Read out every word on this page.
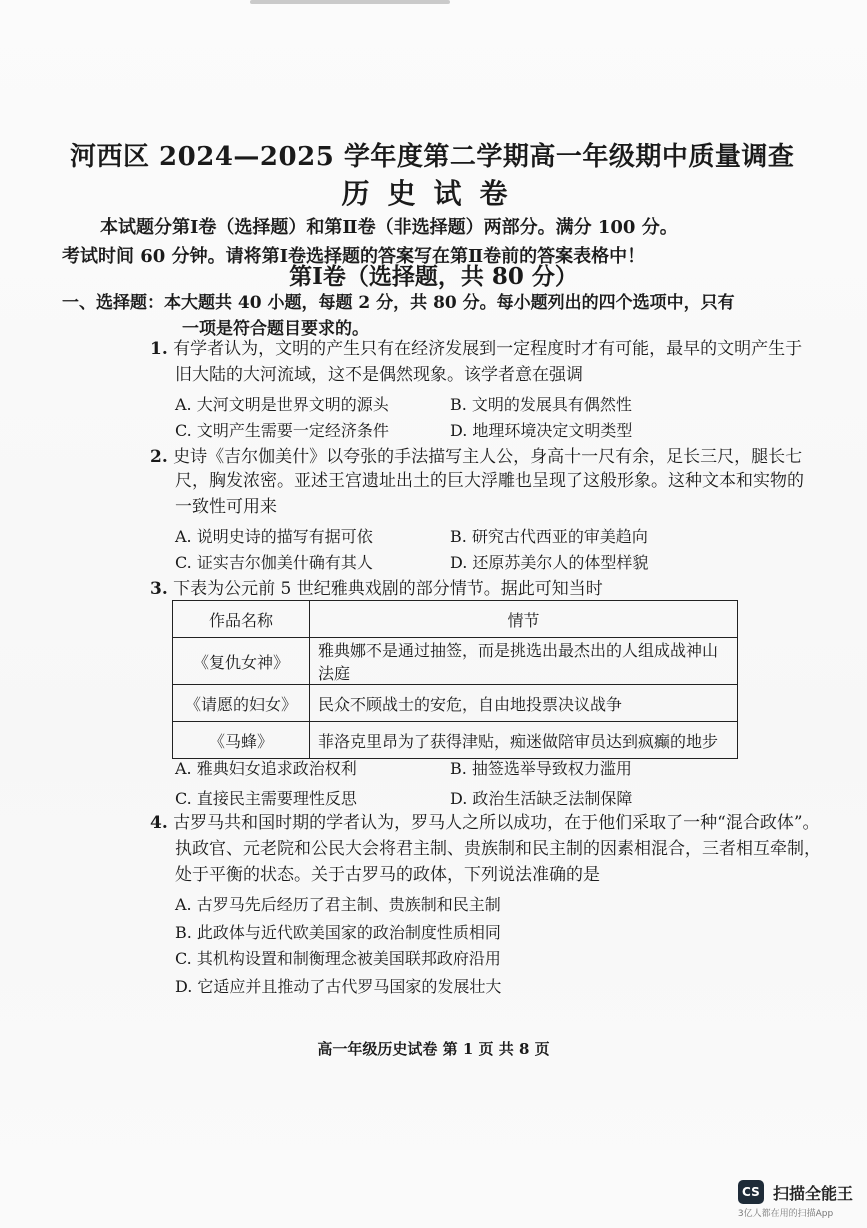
河西区 2024—2025 学年度第二学期高一年级期中质量调查
历史试卷
本试题分第Ⅰ卷（选择题）和第Ⅱ卷（非选择题）两部分。满分 100 分。
考试时间 60 分钟。请将第Ⅰ卷选择题的答案写在第Ⅱ卷前的答案表格中！
第Ⅰ卷（选择题，共 80 分）
一、选择题：本大题共 40 小题，每题 2 分，共 80 分。每小题列出的四个选项中，只有
一项是符合题目要求的。
1. 有学者认为，文明的产生只有在经济发展到一定程度时才有可能，最早的文明产生于
旧大陆的大河流域，这不是偶然现象。该学者意在强调
A. 大河文明是世界文明的源头	B. 文明的发展具有偶然性
C. 文明产生需要一定经济条件	D. 地理环境决定文明类型
2. 史诗《吉尔伽美什》以夸张的手法描写主人公，身高十一尺有余，足长三尺，腿长七
尺，胸发浓密。亚述王宫遗址出土的巨大浮雕也呈现了这般形象。这种文本和实物的
一致性可用来
A. 说明史诗的描写有据可依	B. 研究古代西亚的审美趋向
C. 证实吉尔伽美什确有其人	D. 还原苏美尔人的体型样貌
3. 下表为公元前 5 世纪雅典戏剧的部分情节。据此可知当时
作品名称	情节
《复仇女神》	雅典娜不是通过抽签，而是挑选出最杰出的人组成战神山法庭
《请愿的妇女》	民众不顾战士的安危，自由地投票决议战争
《马蜂》	菲洛克里昂为了获得津贴，痴迷做陪审员达到疯癫的地步
A. 雅典妇女追求政治权利	B. 抽签选举导致权力滥用
C. 直接民主需要理性反思	D. 政治生活缺乏法制保障
4. 古罗马共和国时期的学者认为，罗马人之所以成功，在于他们采取了一种“混合政体”。
执政官、元老院和公民大会将君主制、贵族制和民主制的因素相混合，三者相互牵制，
处于平衡的状态。关于古罗马的政体，下列说法准确的是
A. 古罗马先后经历了君主制、贵族制和民主制
B. 此政体与近代欧美国家的政治制度性质相同
C. 其机构设置和制衡理念被美国联邦政府沿用
D. 它适应并且推动了古代罗马国家的发展壮大
高一年级历史试卷 第 1 页 共 8 页
CS 扫描全能王
3亿人都在用的扫描App
